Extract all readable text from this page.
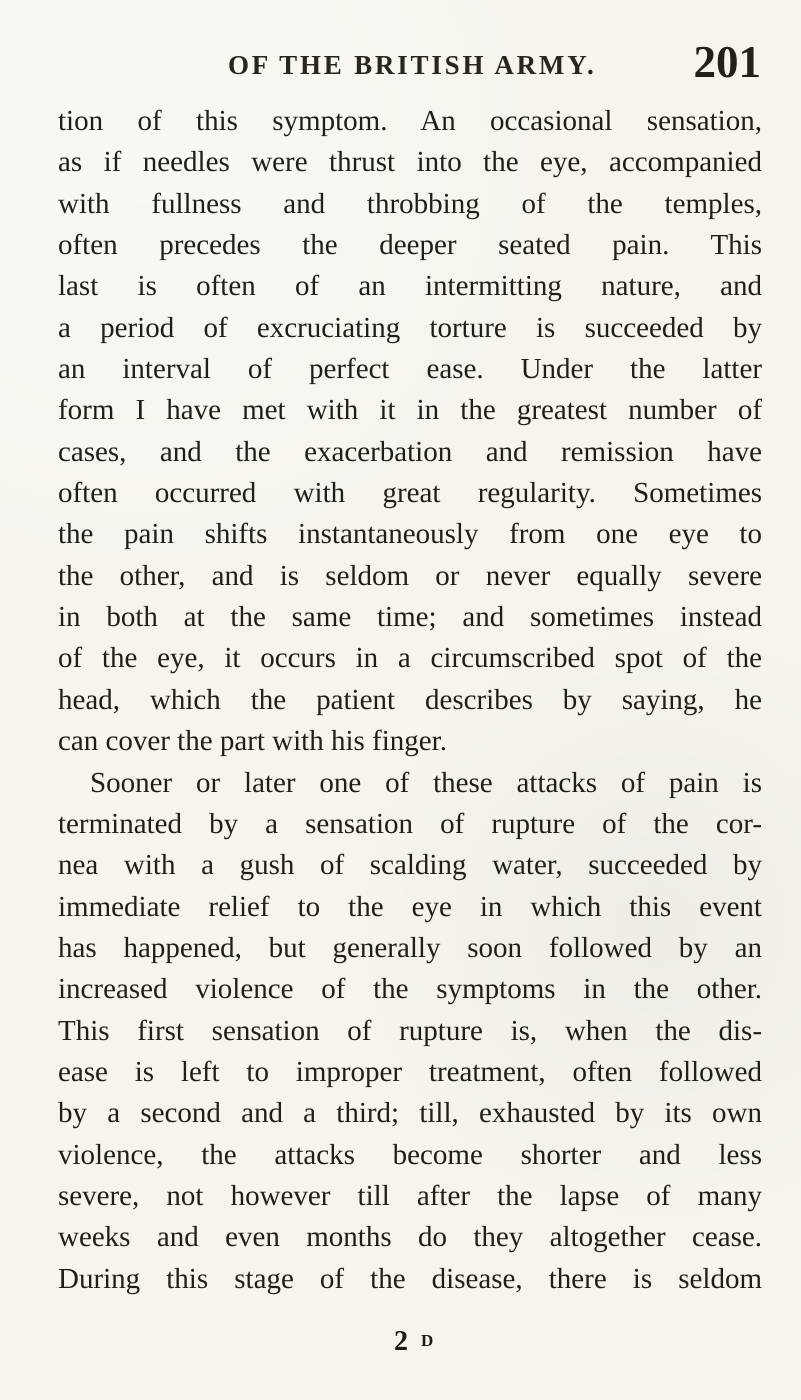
OF THE BRITISH ARMY. 201
tion of this symptom. An occasional sensation,
as if needles were thrust into the eye, accompanied
with fullness and throbbing of the temples,
often precedes the deeper seated pain. This
last is often of an intermitting nature, and
a period of excruciating torture is succeeded by
an interval of perfect ease. Under the latter
form I have met with it in the greatest number of
cases, and the exacerbation and remission have
often occurred with great regularity. Sometimes
the pain shifts instantaneously from one eye to
the other, and is seldom or never equally severe
in both at the same time; and sometimes instead
of the eye, it occurs in a circumscribed spot of the
head, which the patient describes by saying, he
can cover the part with his finger.
Sooner or later one of these attacks of pain is
terminated by a sensation of rupture of the cor-
nea with a gush of scalding water, succeeded by
immediate relief to the eye in which this event
has happened, but generally soon followed by an
increased violence of the symptoms in the other.
This first sensation of rupture is, when the dis-
ease is left to improper treatment, often followed
by a second and a third; till, exhausted by its own
violence, the attacks become shorter and less
severe, not however till after the lapse of many
weeks and even months do they altogether cease.
During this stage of the disease, there is seldom
2 D
